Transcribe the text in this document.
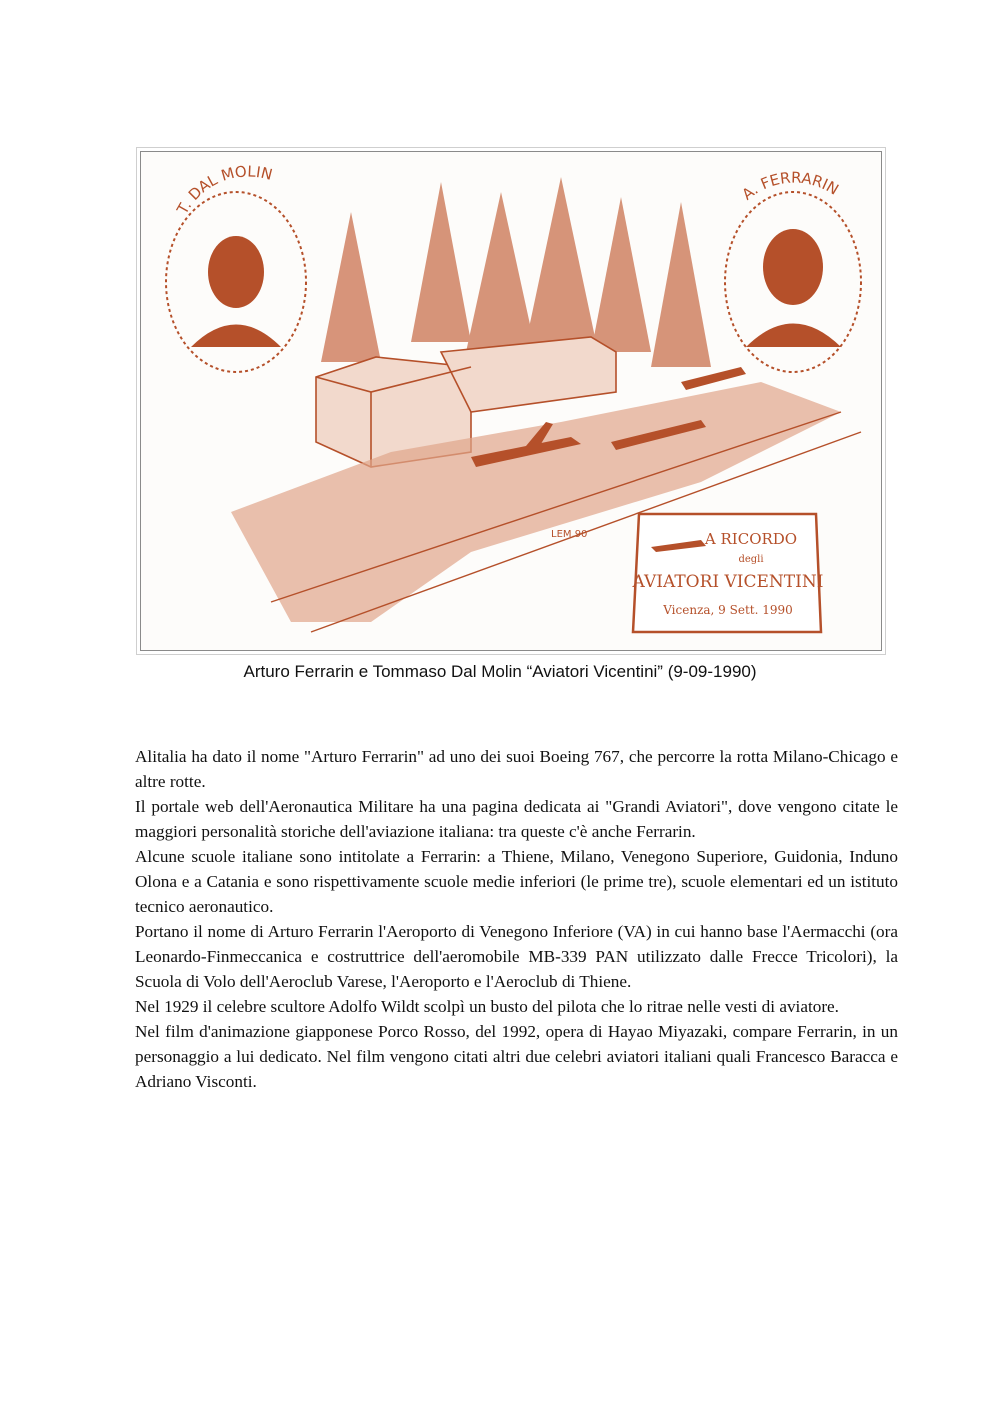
T. DAL MOLIN
A. FERRARIN
LEM.90	A RICORDO
degli
AVIATORI VICENTINI
Vicenza, 9 Sett. 1990
Arturo Ferrarin e Tommaso Dal Molin “Aviatori Vicentini” (9-09-1990)

Alitalia ha dato il nome "Arturo Ferrarin" ad uno dei suoi Boeing 767, che percorre la rotta Milano-Chicago e altre rotte.

Il portale web dell'Aeronautica Militare ha una pagina dedicata ai "Grandi Aviatori", dove vengono citate le maggiori personalità storiche dell'aviazione italiana: tra queste c'è anche Ferrarin.

Alcune scuole italiane sono intitolate a Ferrarin: a Thiene, Milano, Venegono Superiore, Guidonia, Induno Olona e a Catania e sono rispettivamente scuole medie inferiori (le prime tre), scuole elementari ed un istituto tecnico aeronautico.

Portano il nome di Arturo Ferrarin l'Aeroporto di Venegono Inferiore (VA) in cui hanno base l'Aermacchi (ora Leonardo-Finmeccanica e costruttrice dell'aeromobile MB-339 PAN utilizzato dalle Frecce Tricolori), la Scuola di Volo dell'Aeroclub Varese, l'Aeroporto e l'Aeroclub di Thiene.

Nel 1929 il celebre scultore Adolfo Wildt scolpì un busto del pilota che lo ritrae nelle vesti di aviatore.

Nel film d'animazione giapponese Porco Rosso, del 1992, opera di Hayao Miyazaki, compare Ferrarin, in un personaggio a lui dedicato. Nel film vengono citati altri due celebri aviatori italiani quali Francesco Baracca e Adriano Visconti.
